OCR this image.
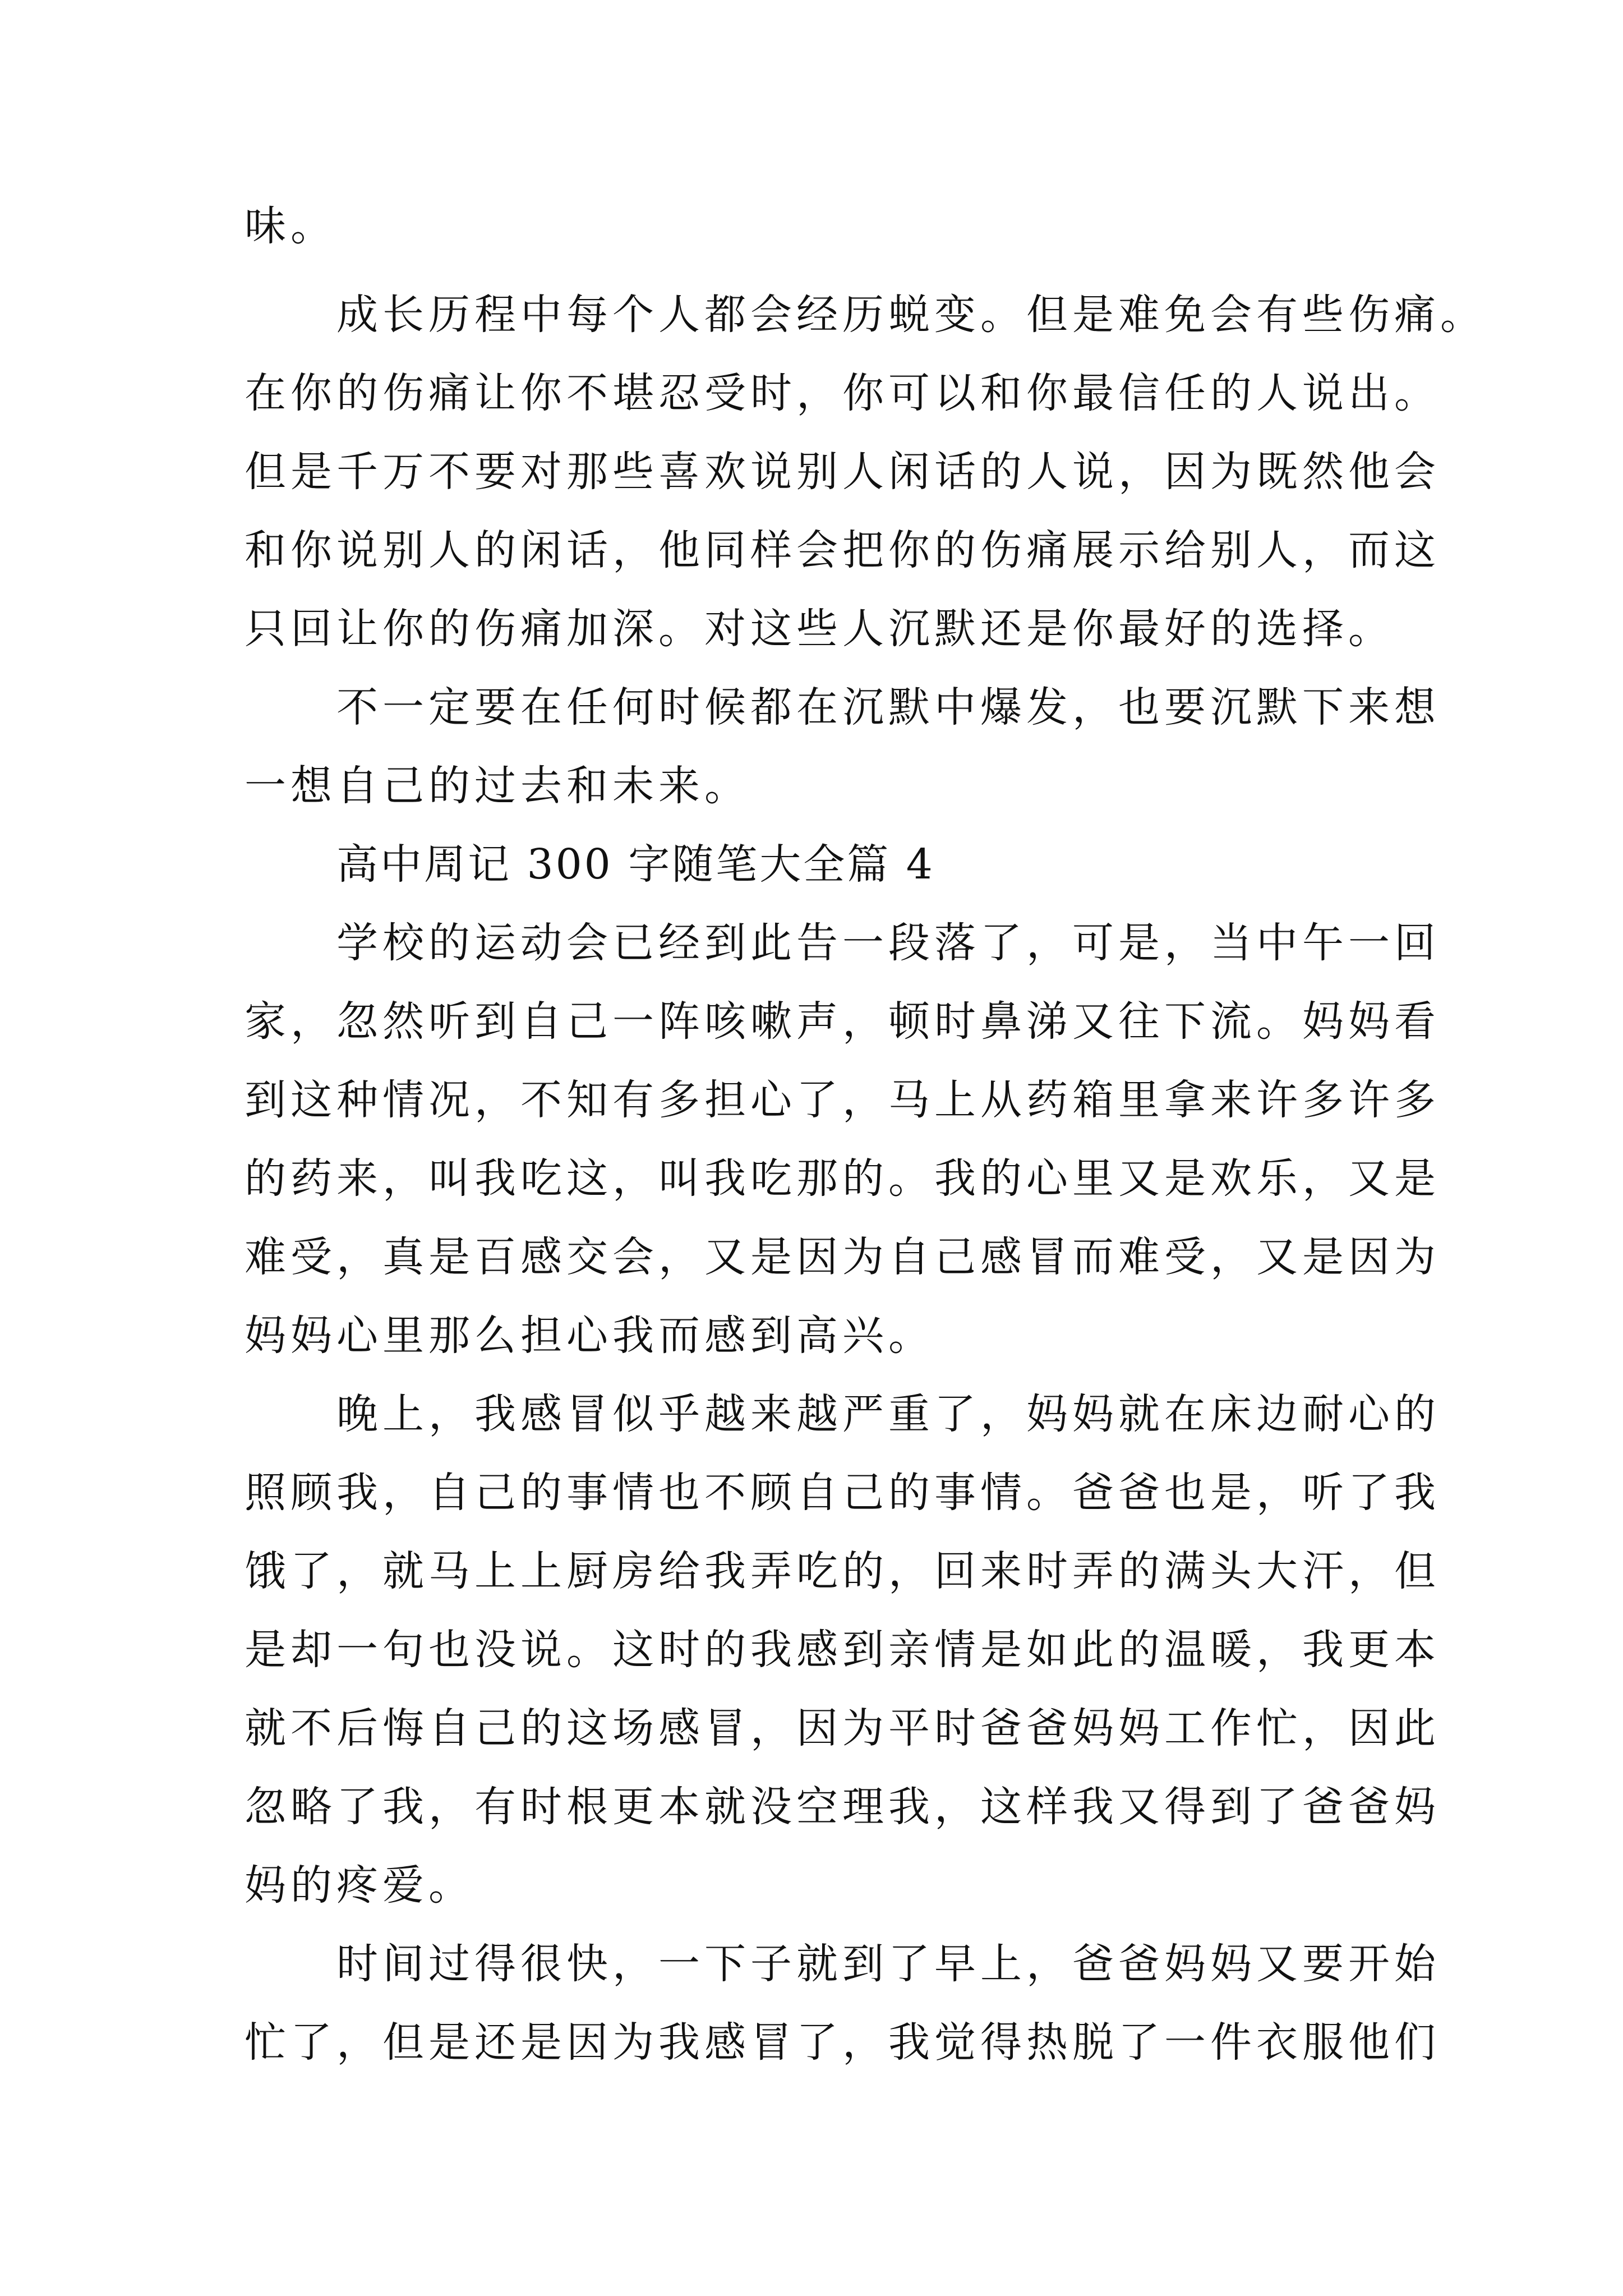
味。
成长历程中每个人都会经历蜕变。但是难免会有些伤痛。
在你的伤痛让你不堪忍受时，你可以和你最信任的人说出。
但是千万不要对那些喜欢说别人闲话的人说，因为既然他会
和你说别人的闲话，他同样会把你的伤痛展示给别人，而这
只回让你的伤痛加深。对这些人沉默还是你最好的选择。
不一定要在任何时候都在沉默中爆发，也要沉默下来想
一想自己的过去和未来。
高中周记 300 字随笔大全篇 4
学校的运动会已经到此告一段落了，可是，当中午一回
家，忽然听到自己一阵咳嗽声，顿时鼻涕又往下流。妈妈看
到这种情况，不知有多担心了，马上从药箱里拿来许多许多
的药来，叫我吃这，叫我吃那的。我的心里又是欢乐，又是
难受，真是百感交会，又是因为自己感冒而难受，又是因为
妈妈心里那么担心我而感到高兴。
晚上，我感冒似乎越来越严重了，妈妈就在床边耐心的
照顾我，自己的事情也不顾自己的事情。爸爸也是，听了我
饿了，就马上上厨房给我弄吃的，回来时弄的满头大汗，但
是却一句也没说。这时的我感到亲情是如此的温暖，我更本
就不后悔自己的这场感冒，因为平时爸爸妈妈工作忙，因此
忽略了我，有时根更本就没空理我，这样我又得到了爸爸妈
妈的疼爱。
时间过得很快，一下子就到了早上，爸爸妈妈又要开始
忙了，但是还是因为我感冒了，我觉得热脱了一件衣服他们
